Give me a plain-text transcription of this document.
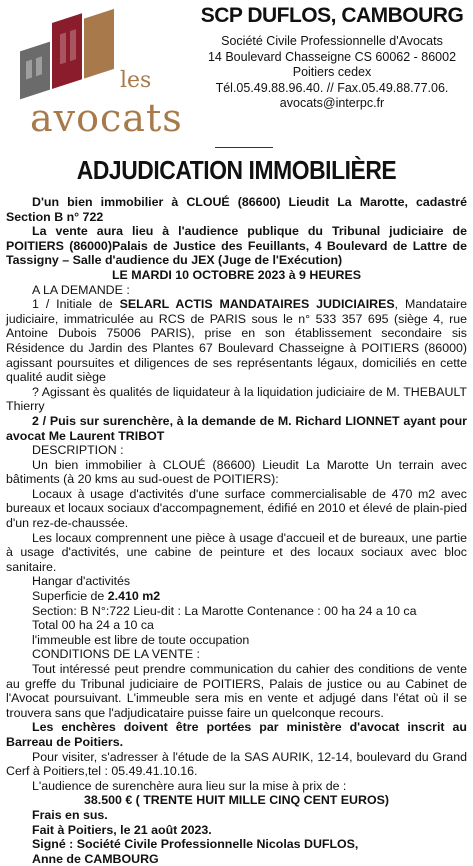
les
avocats
SCP DUFLOS, CAMBOURG
Société Civile Professionnelle d'Avocats
14 Boulevard Chasseigne CS 60062 - 86002
Poitiers cedex
Tél.05.49.88.96.40. // Fax.05.49.88.77.06.
avocats@interpc.fr
ADJUDICATION IMMOBILIÈRE

D'un bien immobilier à CLOUÉ (86600) Lieudit La Marotte, cadastré Section B n° 722

La vente aura lieu à l'audience publique du Tribunal judiciaire de POITIERS (86000)Palais de Justice des Feuillants, 4 Boulevard de Lattre de Tassigny – Salle d'audience du JEX (Juge de l'Exécution)

LE MARDI 10 OCTOBRE 2023 à 9 HEURES

A LA DEMANDE :

1 / Initiale de SELARL ACTIS MANDATAIRES JUDICIAIRES, Mandataire judiciaire, immatriculée au RCS de PARIS sous le n° 533 357 695 (siège 4, rue Antoine Dubois 75006 PARIS), prise en son établissement secondaire sis Résidence du Jardin des Plantes 67 Boulevard Chasseigne à POITIERS (86000) agissant poursuites et diligences de ses représentants légaux, domiciliés en cette qualité audit siège

? Agissant ès qualités de liquidateur à la liquidation judiciaire de M. THEBAULT Thierry

2 / Puis sur surenchère, à la demande de M. Richard LIONNET ayant pour avocat Me Laurent TRIBOT

DESCRIPTION :

Un bien immobilier à CLOUÉ (86600) Lieudit La Marotte Un terrain avec bâtiments (à 20 kms au sud-ouest de POITIERS):

Locaux à usage d'activités d'une surface commercialisable de 470 m2 avec bureaux et locaux sociaux d'accompagnement, édifié en 2010 et élevé de plain-pied d'un rez-de-chaussée.

Les locaux comprennent une pièce à usage d'accueil et de bureaux, une partie à usage d'activités, une cabine de peinture et des locaux sociaux avec bloc sanitaire.

Hangar d'activités

Superficie de 2.410 m2

Section: B N°:722 Lieu-dit : La Marotte Contenance : 00 ha 24 a 10 ca

Total 00 ha 24 a 10 ca

l'immeuble est libre de toute occupation

CONDITIONS DE LA VENTE :

Tout intéressé peut prendre communication du cahier des conditions de vente au greffe du Tribunal judiciaire de POITIERS, Palais de justice ou au Cabinet de l'Avocat poursuivant. L'immeuble sera mis en vente et adjugé dans l'état où il se trouvera sans que l'adjudicataire puisse faire un quelconque recours.

Les enchères doivent être portées par ministère d'avocat inscrit au Barreau de Poitiers.

Pour visiter, s'adresser à l'étude de la SAS AURIK, 12-14, boulevard du Grand Cerf à Poitiers,tel : 05.49.41.10.16.

L'audience de surenchère aura lieu sur la mise à prix de :

38.500 € ( TRENTE HUIT MILLE CINQ CENT EUROS)

Frais en sus.

Fait à Poitiers, le 21 août 2023.

Signé : Société Civile Professionnelle Nicolas DUFLOS,

Anne de CAMBOURG
